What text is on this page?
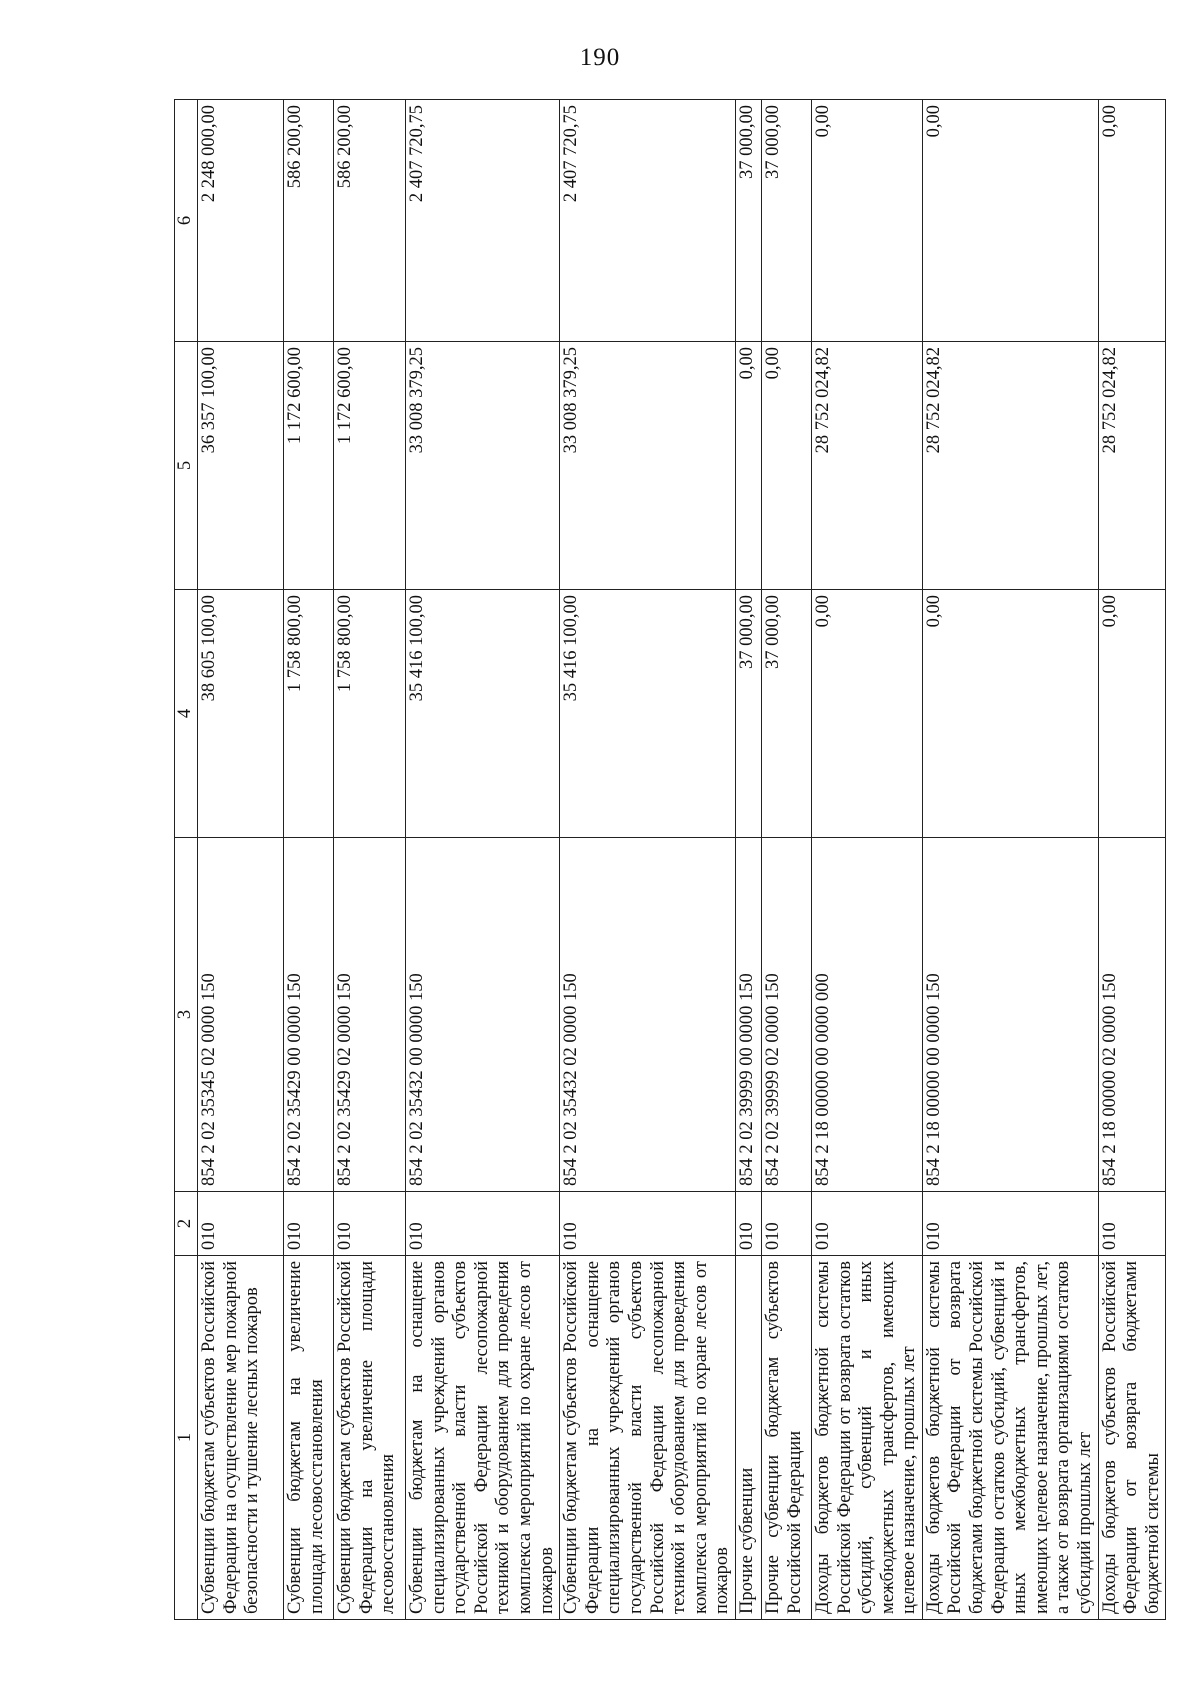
190
1	2	3	4	5	6
Субвенции бюджетам субъектов Российской Федерации на осуществление мер пожарной безопасности и тушение лесных пожаров	010	854 2 02 35345 02 0000 150	38 605 100,00	36 357 100,00	2 248 000,00
Субвенции бюджетам на увеличение площади лесовосстановления	010	854 2 02 35429 00 0000 150	1 758 800,00	1 172 600,00	586 200,00
Субвенции бюджетам субъектов Российской Федерации на увеличение площади лесовосстановления	010	854 2 02 35429 02 0000 150	1 758 800,00	1 172 600,00	586 200,00
Субвенции бюджетам на оснащение специализированных учреждений органов государственной власти субъектов Российской Федерации лесопожарной техникой и оборудованием для проведения комплекса мероприятий по охране лесов от пожаров	010	854 2 02 35432 00 0000 150	35 416 100,00	33 008 379,25	2 407 720,75
Субвенции бюджетам субъектов Российской Федерации на оснащение специализированных учреждений органов государственной власти субъектов Российской Федерации лесопожарной техникой и оборудованием для проведения комплекса мероприятий по охране лесов от пожаров	010	854 2 02 35432 02 0000 150	35 416 100,00	33 008 379,25	2 407 720,75
Прочие субвенции	010	854 2 02 39999 00 0000 150	37 000,00	0,00	37 000,00
Прочие субвенции бюджетам субъектов Российской Федерации	010	854 2 02 39999 02 0000 150	37 000,00	0,00	37 000,00
Доходы бюджетов бюджетной системы Российской Федерации от возврата остатков субсидий, субвенций и иных межбюджетных трансфертов, имеющих целевое назначение, прошлых лет	010	854 2 18 00000 00 0000 000	0,00	28 752 024,82	0,00
Доходы бюджетов бюджетной системы Российской Федерации от возврата бюджетами бюджетной системы Российской Федерации остатков субсидий, субвенций и иных межбюджетных трансфертов, имеющих целевое назначение, прошлых лет, а также от возврата организациями остатков субсидий прошлых лет	010	854 2 18 00000 00 0000 150	0,00	28 752 024,82	0,00
Доходы бюджетов субъектов Российской Федерации от возврата бюджетами бюджетной системы	010	854 2 18 00000 02 0000 150	0,00	28 752 024,82	0,00
